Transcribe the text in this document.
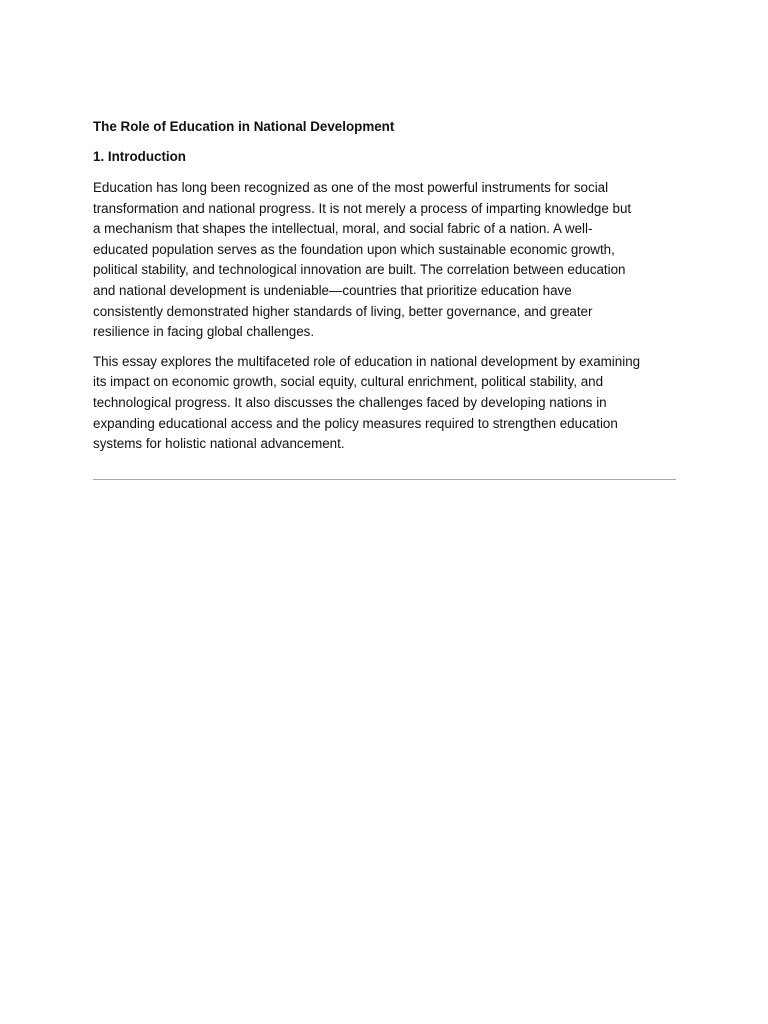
The Role of Education in National Development
1. Introduction

Education has long been recognized as one of the most powerful instruments for social
transformation and national progress. It is not merely a process of imparting knowledge but
a mechanism that shapes the intellectual, moral, and social fabric of a nation. A well-
educated population serves as the foundation upon which sustainable economic growth,
political stability, and technological innovation are built. The correlation between education
and national development is undeniable—countries that prioritize education have
consistently demonstrated higher standards of living, better governance, and greater
resilience in facing global challenges.

This essay explores the multifaceted role of education in national development by examining
its impact on economic growth, social equity, cultural enrichment, political stability, and
technological progress. It also discusses the challenges faced by developing nations in
expanding educational access and the policy measures required to strengthen education
systems for holistic national advancement.
